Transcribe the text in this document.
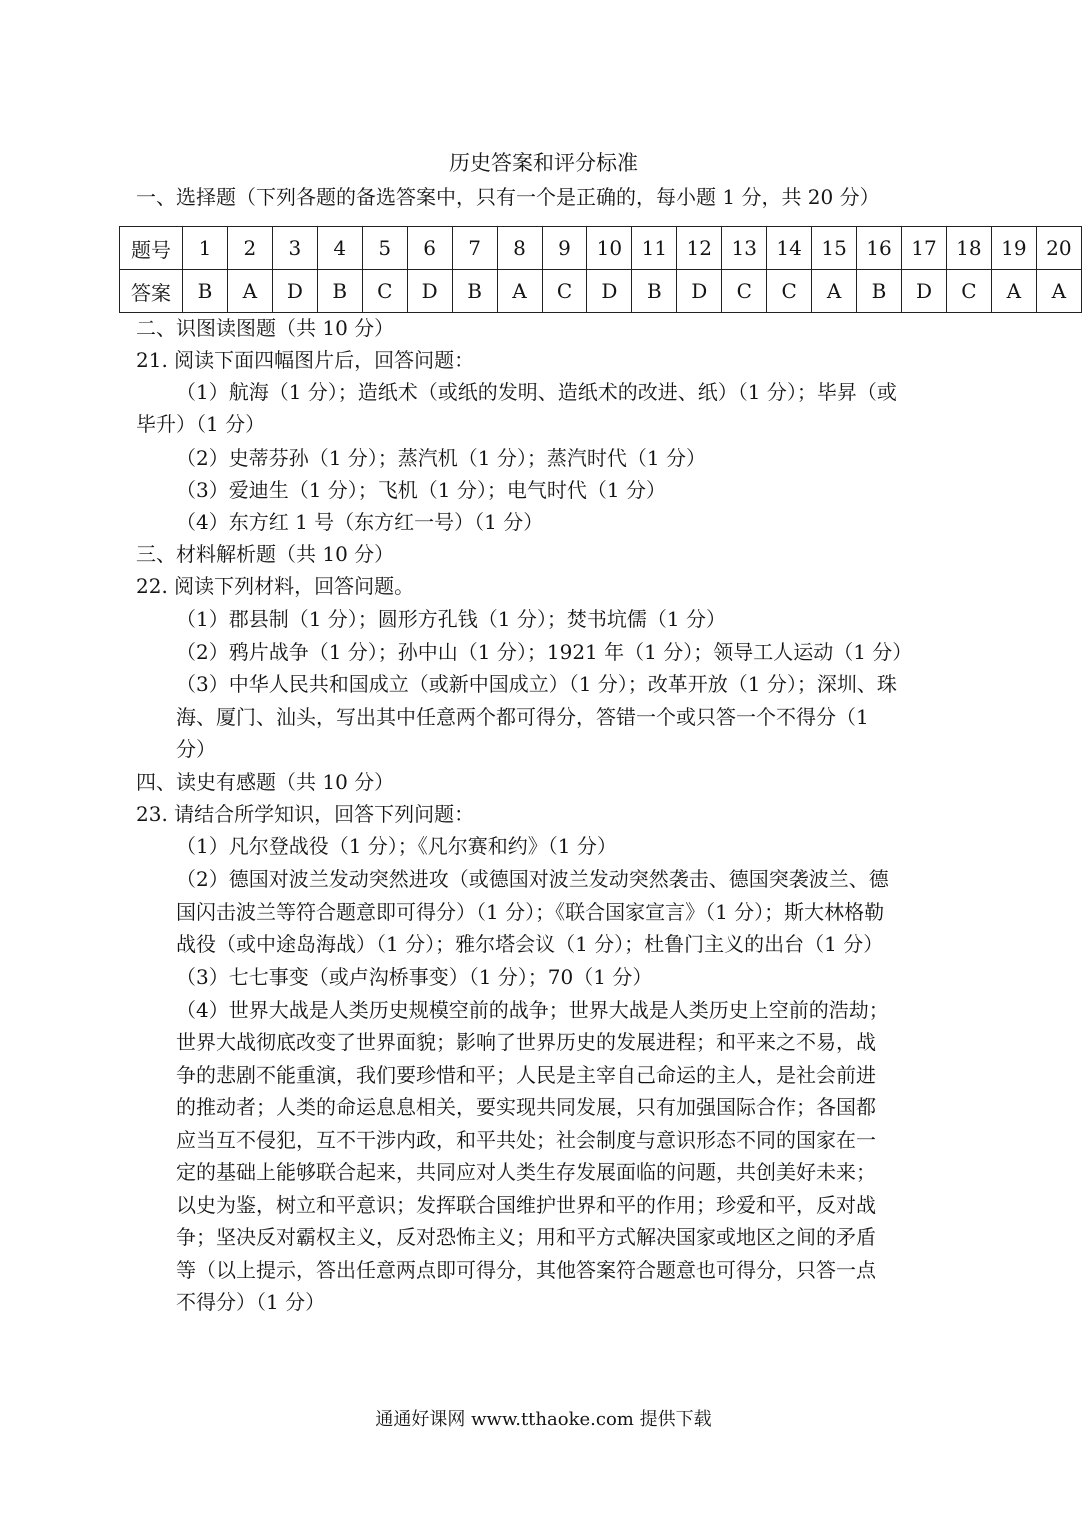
历史答案和评分标准
一、选择题（下列各题的备选答案中，只有一个是正确的，每小题 1 分，共 20 分）
题号	1	2	3	4	5	6	7	8	9	10	11	12	13	14	15	16	17	18	19	20
答案	B	A	D	B	C	D	B	A	C	D	B	D	C	C	A	B	D	C	A	A
二、识图读图题（共 10 分）
21. 阅读下面四幅图片后，回答问题：
（1）航海（1 分）；造纸术（或纸的发明、造纸术的改进、纸）（1 分）；毕昇（或
毕升）（1 分）
（2）史蒂芬孙（1 分）；蒸汽机（1 分）；蒸汽时代（1 分）
（3）爱迪生（1 分）；飞机（1 分）；电气时代（1 分）
（4）东方红 1 号（东方红一号）（1 分）
三、材料解析题（共 10 分）
22. 阅读下列材料，回答问题。
（1）郡县制（1 分）；圆形方孔钱（1 分）；焚书坑儒（1 分）
（2）鸦片战争（1 分）；孙中山（1 分）；1921 年（1 分）；领导工人运动（1 分）
（3）中华人民共和国成立（或新中国成立）（1 分）；改革开放（1 分）；深圳、珠
海、厦门、汕头，写出其中任意两个都可得分，答错一个或只答一个不得分（1
分）
四、读史有感题（共 10 分）
23. 请结合所学知识，回答下列问题：
（1）凡尔登战役（1 分）；《凡尔赛和约》（1 分）
（2）德国对波兰发动突然进攻（或德国对波兰发动突然袭击、德国突袭波兰、德
国闪击波兰等符合题意即可得分）（1 分）；《联合国家宣言》（1 分）；斯大林格勒
战役（或中途岛海战）（1 分）；雅尔塔会议（1 分）；杜鲁门主义的出台（1 分）
（3）七七事变（或卢沟桥事变）（1 分）；70（1 分）
（4）世界大战是人类历史规模空前的战争；世界大战是人类历史上空前的浩劫；
世界大战彻底改变了世界面貌；影响了世界历史的发展进程；和平来之不易，战
争的悲剧不能重演，我们要珍惜和平；人民是主宰自己命运的主人，是社会前进
的推动者；人类的命运息息相关，要实现共同发展，只有加强国际合作；各国都
应当互不侵犯，互不干涉内政，和平共处；社会制度与意识形态不同的国家在一
定的基础上能够联合起来，共同应对人类生存发展面临的问题，共创美好未来；
以史为鉴，树立和平意识；发挥联合国维护世界和平的作用；珍爱和平，反对战
争；坚决反对霸权主义，反对恐怖主义；用和平方式解决国家或地区之间的矛盾
等（以上提示，答出任意两点即可得分，其他答案符合题意也可得分，只答一点
不得分）（1 分）
通通好课网 www.tthaoke.com 提供下载
